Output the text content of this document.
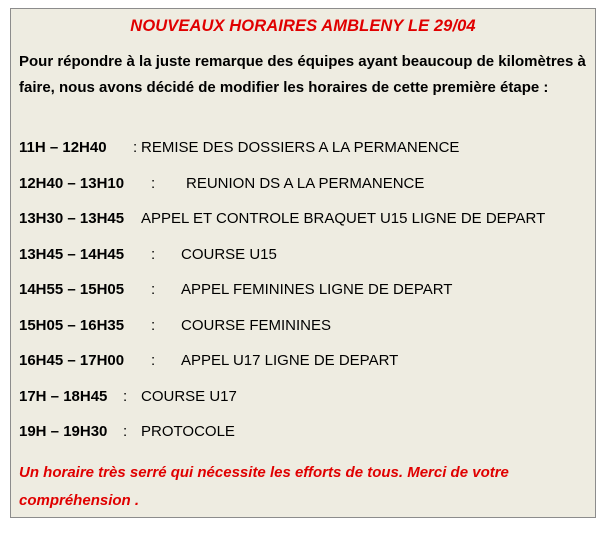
NOUVEAUX HORAIRES AMBLENY LE 29/04

Pour répondre à la juste remarque des équipes ayant beaucoup de kilomètres à faire, nous avons décidé de modifier les horaires de cette première étape :

11H – 12H40 : REMISE DES DOSSIERS A LA PERMANENCE
12H40 – 13H10 : REUNION DS A LA PERMANENCE
13H30 – 13H45 APPEL ET CONTROLE BRAQUET U15 LIGNE DE DEPART
13H45 – 14H45 : COURSE U15
14H55 – 15H05 : APPEL FEMININES LIGNE DE DEPART
15H05 – 16H35 : COURSE FEMININES
16H45 – 17H00 : APPEL U17 LIGNE DE DEPART
17H – 18H45 : COURSE U17
19H – 19H30 : PROTOCOLE

Un horaire très serré qui nécessite les efforts de tous. Merci de votre compréhension .
